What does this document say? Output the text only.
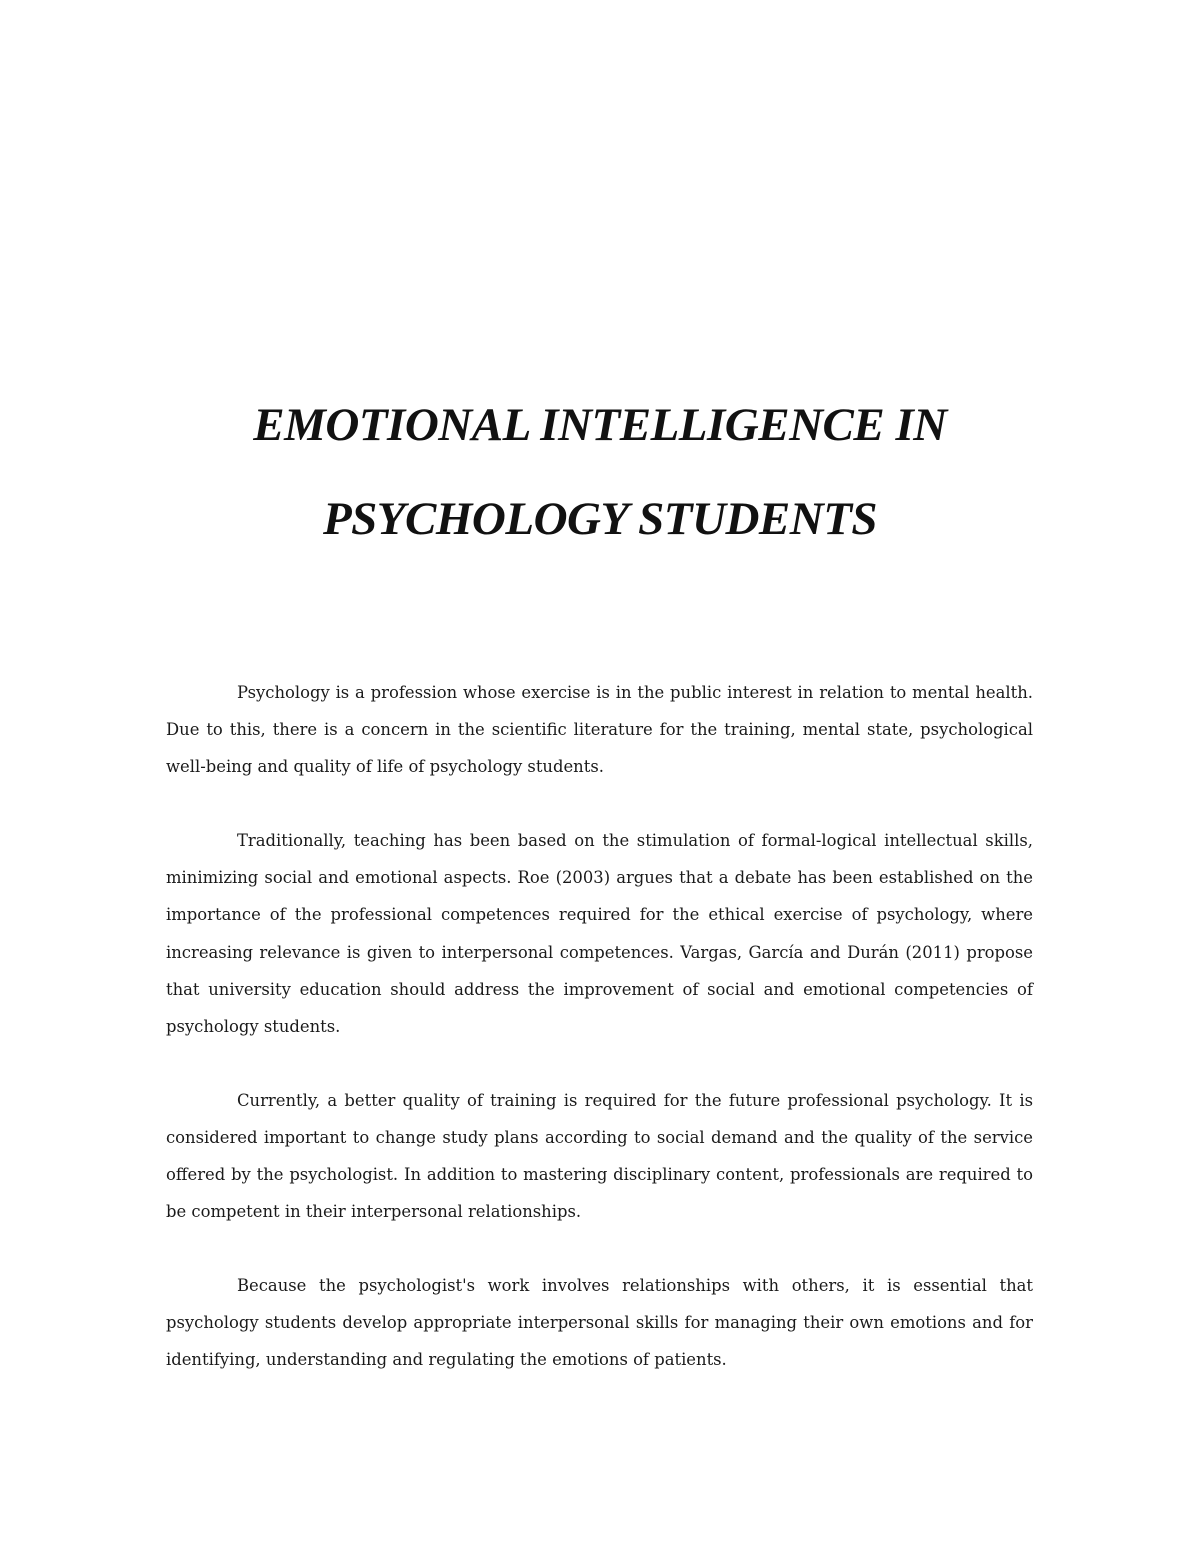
EMOTIONAL INTELLIGENCE IN
PSYCHOLOGY STUDENTS

Psychology is a profession whose exercise is in the public interest in relation to mental health. Due to this, there is a concern in the scientific literature for the training, mental state, psychological well-being and quality of life of psychology students.

Traditionally, teaching has been based on the stimulation of formal-logical intellectual skills, minimizing social and emotional aspects. Roe (2003) argues that a debate has been established on the importance of the professional competences required for the ethical exercise of psychology, where increasing relevance is given to interpersonal competences. Vargas, García and Durán (2011) propose that university education should address the improvement of social and emotional competencies of psychology students.

Currently, a better quality of training is required for the future professional psychology. It is considered important to change study plans according to social demand and the quality of the service offered by the psychologist. In addition to mastering disciplinary content, professionals are required to be competent in their interpersonal relationships.

Because the psychologist's work involves relationships with others, it is essential that psychology students develop appropriate interpersonal skills for managing their own emotions and for identifying, understanding and regulating the emotions of patients.
